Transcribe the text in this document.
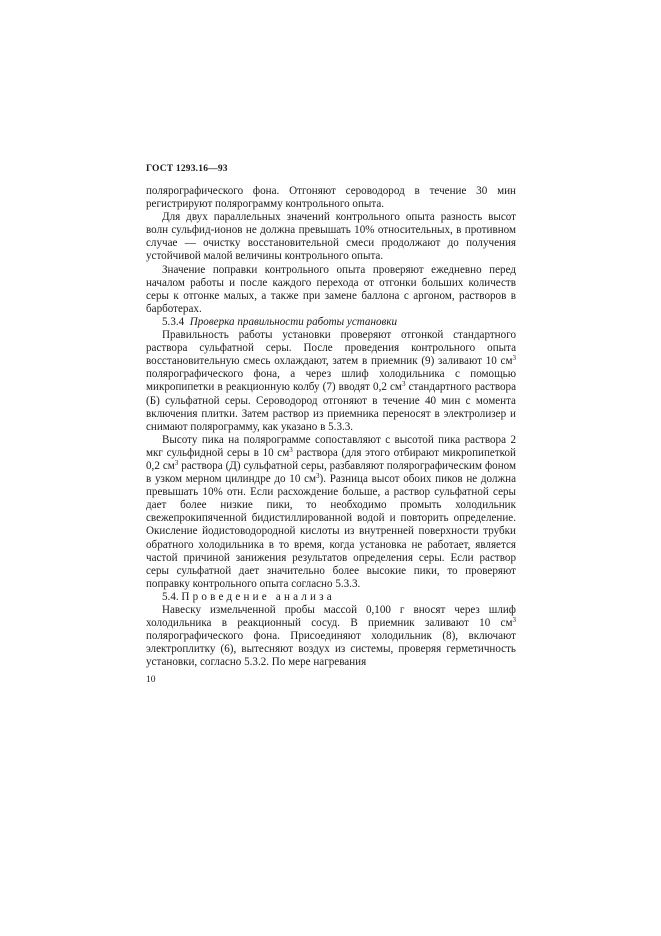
ГОСТ 1293.16—93

полярографического фона. Отгоняют сероводород в течение 30 мин регистрируют полярограмму контрольного опыта.

Для двух параллельных значений контрольного опыта разность высот волн сульфид-ионов не должна превышать 10% относительных, в противном случае — очистку восстановительной смеси продолжают до получения устойчивой малой величины контрольного опыта.

Значение поправки контрольного опыта проверяют ежедневно перед началом работы и после каждого перехода от отгонки больших количеств серы к отгонке малых, а также при замене баллона с аргоном, растворов в барботерах.

5.3.4 Проверка правильности работы установки

Правильность работы установки проверяют отгонкой стандартного раствора сульфатной серы. После проведения контрольного опыта восстановительную смесь охлаждают, затем в приемник (9) заливают 10 $см^3$ полярографического фона, а через шлиф холодильника с помощью микропипетки в реакционную колбу (7) вводят 0,2 $см^3$ стандартного раствора (Б) сульфатной серы. Сероводород отгоняют в течение 40 мин с момента включения плитки. Затем раствор из приемника переносят в электролизер и снимают полярограмму, как указано в 5.3.3.

Высоту пика на полярограмме сопоставляют с высотой пика раствора 2 мкг сульфидной серы в 10 $см^3$ раствора (для этого отбирают микропипеткой 0,2 $см^3$ раствора (Д) сульфатной серы, разбавляют полярографическим фоном в узком мерном цилиндре до 10 $см^3$). Разница высот обоих пиков не должна превышать 10% отн. Если расхождение больше, а раствор сульфатной серы дает более низкие пики, то необходимо промыть холодильник свежепрокипяченной бидистиллированной водой и повторить определение. Окисление йодистоводородной кислоты из внутренней поверхности трубки обратного холодильника в то время, когда установка не работает, является частой причиной занижения результатов определения серы. Если раствор серы сульфатной дает значительно более высокие пики, то проверяют поправку контрольного опыта согласно 5.3.3.

5.4. Проведение анализа

Навеску измельченной пробы массой 0,100 г вносят через шлиф холодильника в реакционный сосуд. В приемник заливают 10 $см^3$ полярографического фона. Присоединяют холодильник (8), включают электроплитку (6), вытесняют воздух из системы, проверяя герметичность установки, согласно 5.3.2. По мере нагревания

10
